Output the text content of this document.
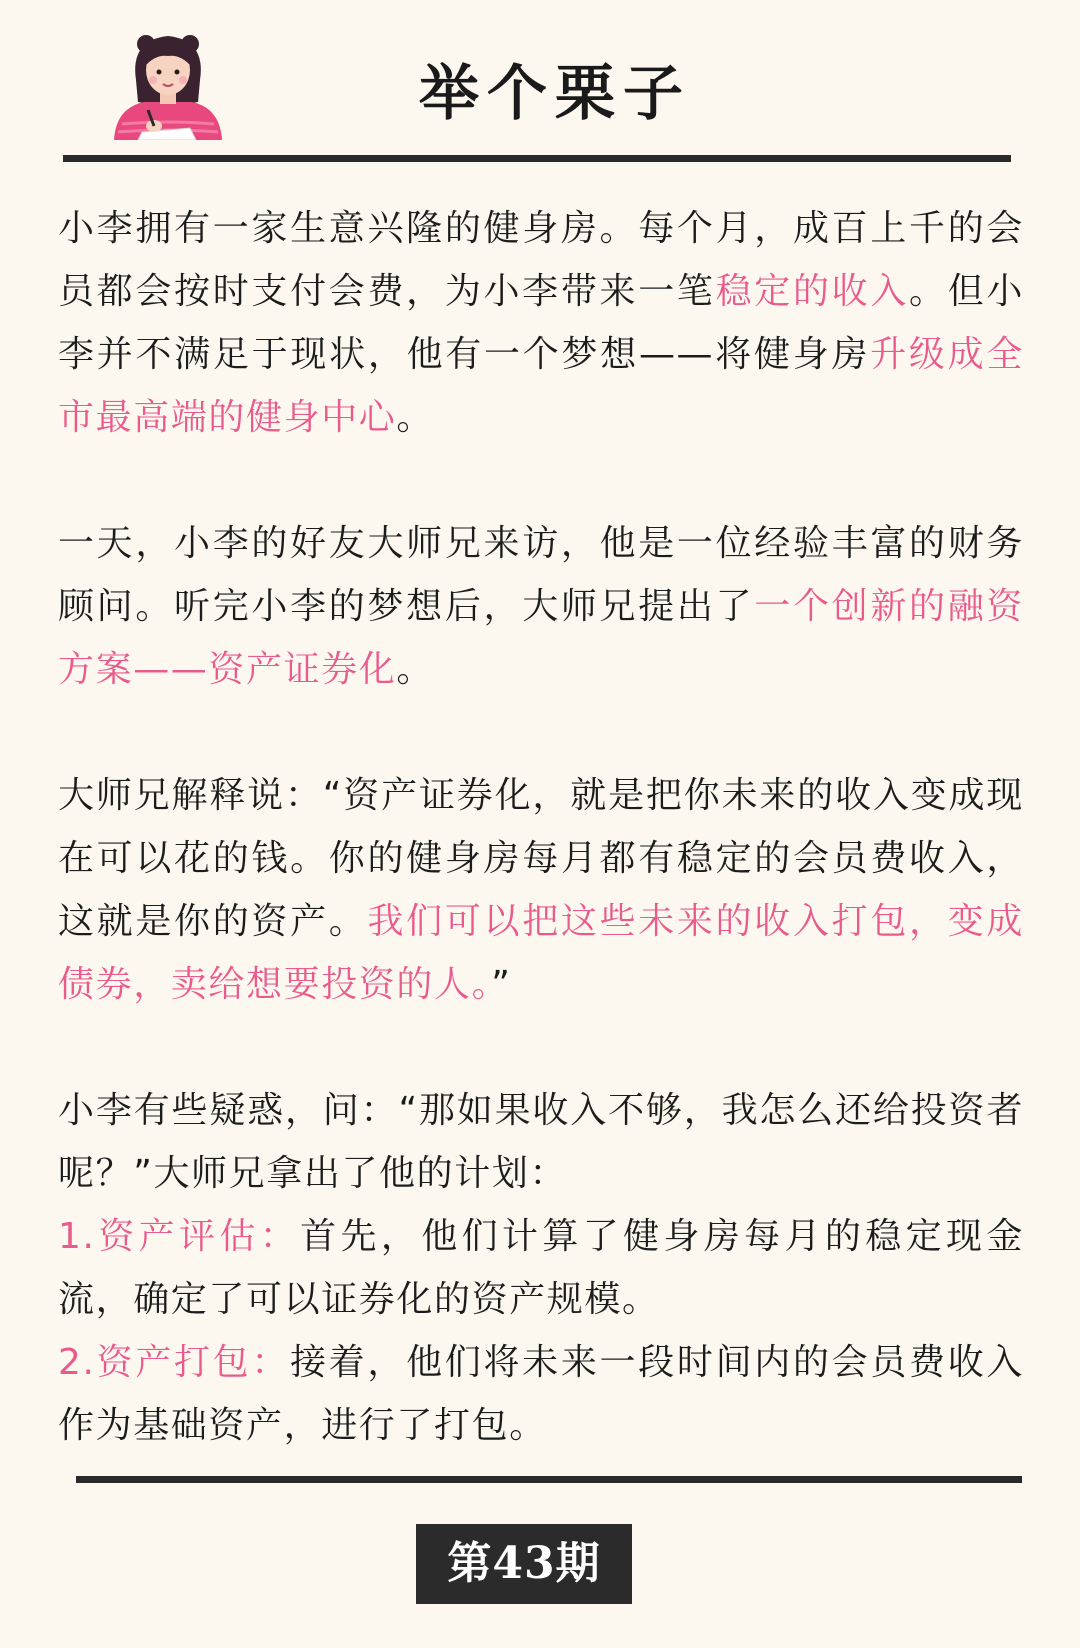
举个栗子

小李拥有一家生意兴隆的健身房。每个月，成百上千的会员都会按时支付会费，为小李带来一笔稳定的收入。但小李并不满足于现状，他有一个梦想——将健身房升级成全市最高端的健身中心。

一天，小李的好友大师兄来访，他是一位经验丰富的财务顾问。听完小李的梦想后，大师兄提出了一个创新的融资方案——资产证券化。

大师兄解释说：“资产证券化，就是把你未来的收入变成现在可以花的钱。你的健身房每月都有稳定的会员费收入，这就是你的资产。我们可以把这些未来的收入打包，变成债券，卖给想要投资的人。”

小李有些疑惑，问：“那如果收入不够，我怎么还给投资者呢？”大师兄拿出了他的计划：

1.资产评估：首先，他们计算了健身房每月的稳定现金流，确定了可以证券化的资产规模。

2.资产打包：接着，他们将未来一段时间内的会员费收入作为基础资产，进行了打包。

第43期
